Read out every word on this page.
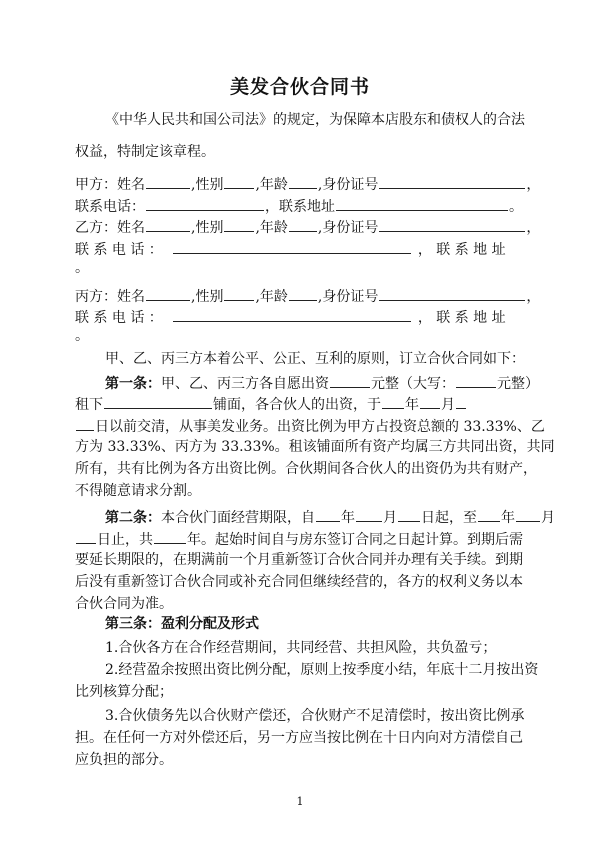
美发合伙合同书

《中华人民共和国公司法》的规定，为保障本店股东和债权人的合法

权益，特制定该章程。

甲方：姓名	,性别 ,年龄 ,身份证号	，

联系电话：	，联系地址	。

乙方：姓名	,性别 ,年龄 ,身份证号	，

联 系 电 话 ：	， 联 系 地 址

。

丙方：姓名	,性别 ,年龄 ,身份证号	，

联 系 电 话 ：	， 联 系 地 址

。

甲、乙、丙三方本着公平、公正、互利的原则，订立合伙合同如下：

第一条：甲、乙、丙三方各自愿出资	元整（大写：	元整）

租下	铺面，各合伙人的出资，于 年 月

日以前交清，从事美发业务。出资比例为甲方占投资总额的 33.33%、乙

方为 33.33%、丙方为 33.33%。租该铺面所有资产均属三方共同出资，共同

所有，共有比例为各方出资比例。合伙期间各合伙人的出资仍为共有财产，

不得随意请求分割。

第二条：本合伙门面经营期限，自 年 月 日起，至 年 月

日止，共 年。起始时间自与房东签订合同之日起计算。到期后需

要延长期限的，在期满前一个月重新签订合伙合同并办理有关手续。到期

后没有重新签订合伙合同或补充合同但继续经营的，各方的权利义务以本

合伙合同为准。

第三条：盈利分配及形式

1.合伙各方在合作经营期间，共同经营、共担风险，共负盈亏；

2.经营盈余按照出资比例分配，原则上按季度小结，年底十二月按出资

比列核算分配；

3.合伙债务先以合伙财产偿还，合伙财产不足清偿时，按出资比例承

担。在任何一方对外偿还后，另一方应当按比例在十日内向对方清偿自己

应负担的部分。

1
